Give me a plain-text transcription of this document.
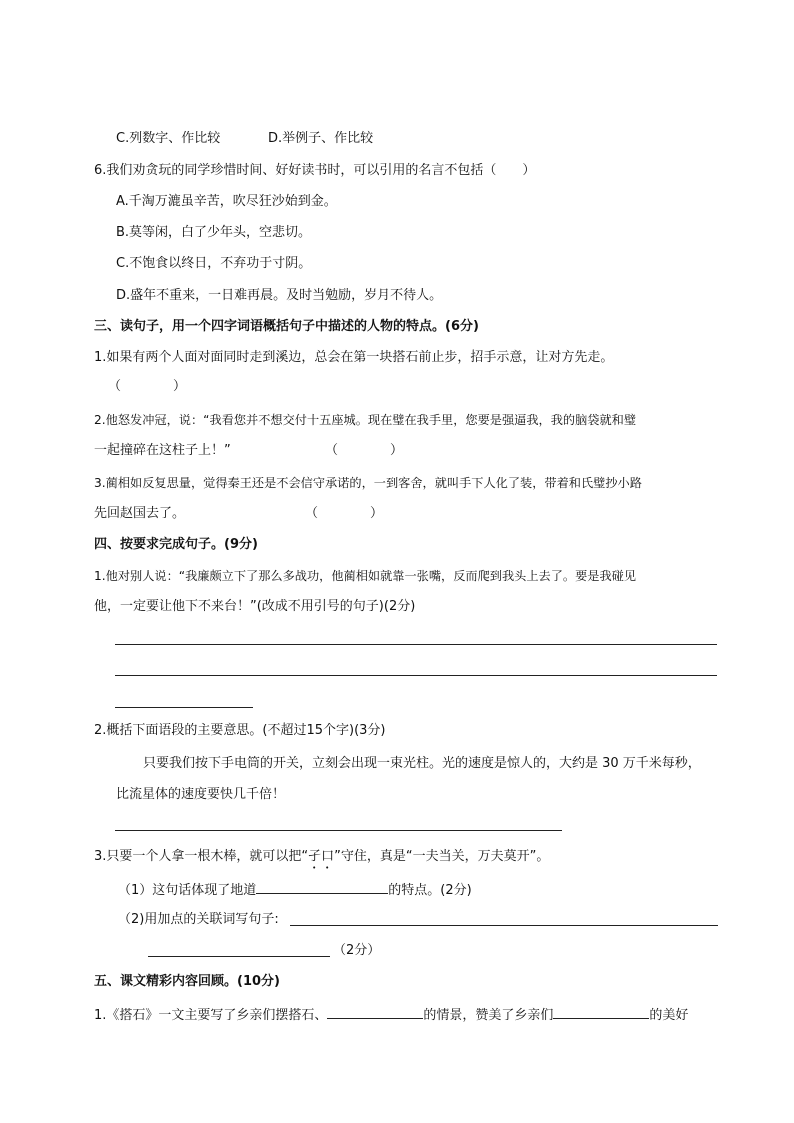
C.列数字、作比较	D.举例子、作比较
6.我们劝贪玩的同学珍惜时间、好好读书时，可以引用的名言不包括（　　）
A.千淘万漉虽辛苦，吹尽狂沙始到金。
B.莫等闲，白了少年头，空悲切。
C.不饱食以终日，不弃功于寸阴。
D.盛年不重来，一日难再晨。及时当勉励，岁月不待人。
三、读句子，用一个四字词语概括句子中描述的人物的特点。(6分)
1.如果有两个人面对面同时走到溪边，总会在第一块搭石前止步，招手示意，让对方先走。
（　　　　）
2.他怒发冲冠，说：“我看您并不想交付十五座城。现在璧在我手里，您要是强逼我，我的脑袋就和璧
一起撞碎在这柱子上！”	（　　　　）
3.蔺相如反复思量，觉得秦王还是不会信守承诺的，一到客舍，就叫手下人化了装，带着和氏璧抄小路
先回赵国去了。	（　　　　）
四、按要求完成句子。(9分)
1.他对别人说：“我廉颇立下了那么多战功，他蔺相如就靠一张嘴，反而爬到我头上去了。要是我碰见
他，一定要让他下不来台！”(改成不用引号的句子)(2分)
2.概括下面语段的主要意思。(不超过15个字)(3分)
只要我们按下手电筒的开关，立刻会出现一束光柱。光的速度是惊人的，大约是 30 万千米每秒，
比流星体的速度要快几千倍！
3.只要一个人拿一根木棒，就可以把“孑口”守住，真是“一夫当关，万夫莫开”。
（1）这句话体现了地道	的特点。(2分)
（2)用加点的关联词写句子:
（2分）
五、课文精彩内容回顾。(10分)
1.《搭石》一文主要写了乡亲们摆搭石、	的情景，赞美了乡亲们	的美好
